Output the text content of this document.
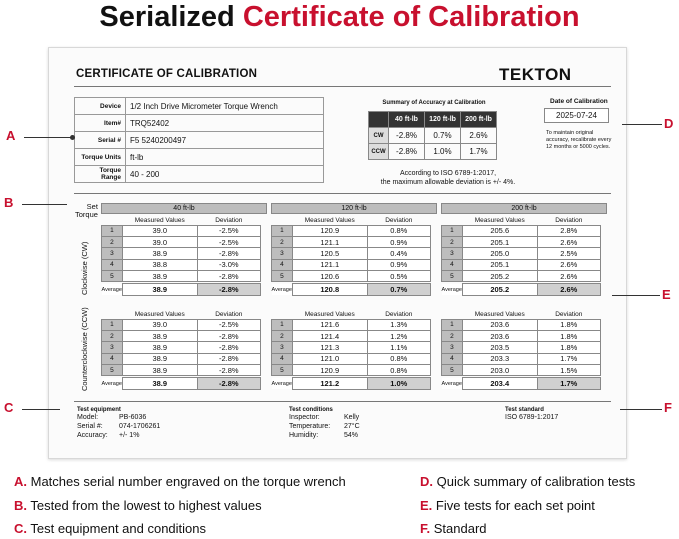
Serialized Certificate of Calibration
CERTIFICATE OF CALIBRATION	TEKTON
Device	1/2 Inch Drive Micrometer Torque Wrench
Item#	TRQ52402
Serial #	F5 5240200497
Torque Units	ft-lb
Torque Range	40 - 200
Summary of Accuracy at Calibration
	40 ft-lb	120 ft-lb	200 ft-lb
CW	-2.8%	0.7%	2.6%
CCW	-2.8%	1.0%	1.7%
According to ISO 6789-1:2017,
the maximum allowable deviation is +/- 4%.
Date of Calibration
2025-07-24
To maintain original accuracy, recalibrate every 12 months or 5000 cycles.
Set
Torque
40 ft-lb	120 ft-lb	200 ft-lb
Clockwise (CW)
Counterclockwise (CCW)
	Measured Values	Deviation
1	39.0	-2.5%
2	39.0	-2.5%
3	38.9	-2.8%
4	38.8	-3.0%
5	38.9	-2.8%

Average	38.9	-2.8%
	Measured Values	Deviation
1	120.9	0.8%
2	121.1	0.9%
3	120.5	0.4%
4	121.1	0.9%
5	120.6	0.5%

Average	120.8	0.7%
	Measured Values	Deviation
1	205.6	2.8%
2	205.1	2.6%
3	205.0	2.5%
4	205.1	2.6%
5	205.2	2.6%

Average	205.2	2.6%
	Measured Values	Deviation
1	39.0	-2.5%
2	38.9	-2.8%
3	38.9	-2.8%
4	38.9	-2.8%
5	38.9	-2.8%

Average	38.9	-2.8%
	Measured Values	Deviation
1	121.6	1.3%
2	121.4	1.2%
3	121.3	1.1%
4	121.0	0.8%
5	120.9	0.8%

Average	121.2	1.0%
	Measured Values	Deviation
1	203.6	1.8%
2	203.6	1.8%
3	203.5	1.8%
4	203.3	1.7%
5	203.0	1.5%

Average	203.4	1.7%
Test equipment
Model:	PB-6036
Serial #:	074-1706261
Accuracy:	+/- 1%
Test conditions
Inspector:	Kelly
Temperature:	27°C
Humidity:	54%
Test standard
ISO 6789-1:2017
A
B
C
D
E
F
A. Matches serial number engraved on the torque wrench
B. Tested from the lowest to highest values
C. Test equipment and conditions
D. Quick summary of calibration tests
E. Five tests for each set point
F. Standard
